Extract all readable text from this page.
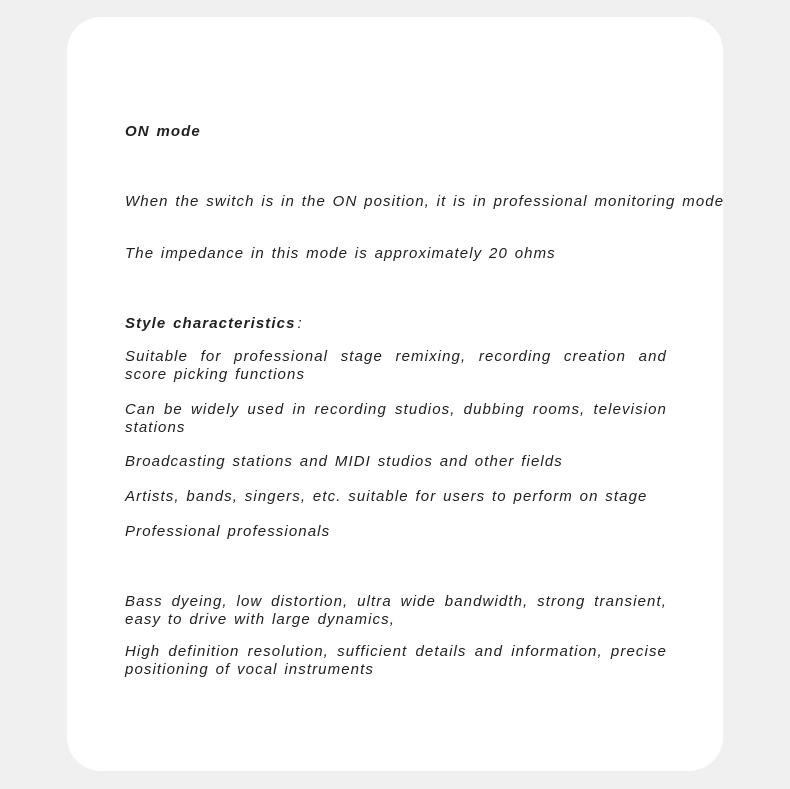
ON mode

When the switch is in the ON position, it is in professional monitoring mode

The impedance in this mode is approximately 20 ohms

Style characteristics :

Suitable for professional stage remixing, recording creation and score picking functions

Can be widely used in recording studios, dubbing rooms, television stations

Broadcasting stations and MIDI studios and other fields

Artists, bands, singers, etc. suitable for users to perform on stage

Professional professionals

Bass dyeing, low distortion, ultra wide bandwidth, strong transient, easy to drive with large dynamics,

High definition resolution, sufficient details and information, precise positioning of vocal instruments
